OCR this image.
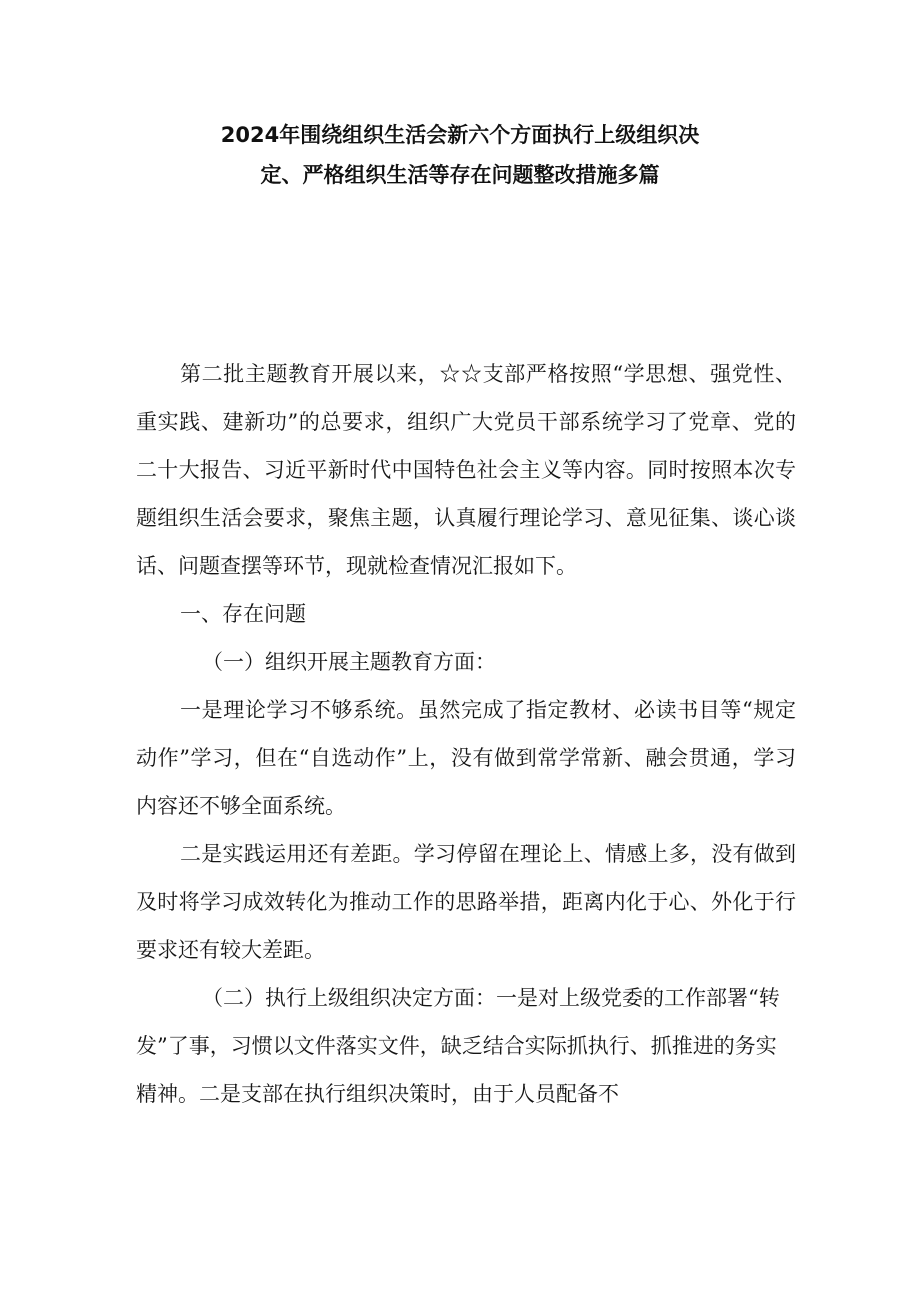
2024年围绕组织生活会新六个方面执行上级组织决
定、严格组织生活等存在问题整改措施多篇

第二批主题教育开展以来，☆☆支部严格按照“学思想、强党性、重实践、建新功”的总要求，组织广大党员干部系统学习了党章、党的二十大报告、习近平新时代中国特色社会主义等内容。同时按照本次专题组织生活会要求，聚焦主题，认真履行理论学习、意见征集、谈心谈话、问题查摆等环节，现就检查情况汇报如下。

一、存在问题

（一）组织开展主题教育方面：

一是理论学习不够系统。虽然完成了指定教材、必读书目等“规定动作”学习，但在“自选动作”上，没有做到常学常新、融会贯通，学习内容还不够全面系统。

二是实践运用还有差距。学习停留在理论上、情感上多，没有做到及时将学习成效转化为推动工作的思路举措，距离内化于心、外化于行要求还有较大差距。

（二）执行上级组织决定方面：一是对上级党委的工作部署“转发”了事，习惯以文件落实文件，缺乏结合实际抓执行、抓推进的务实精神。二是支部在执行组织决策时，由于人员配备不
